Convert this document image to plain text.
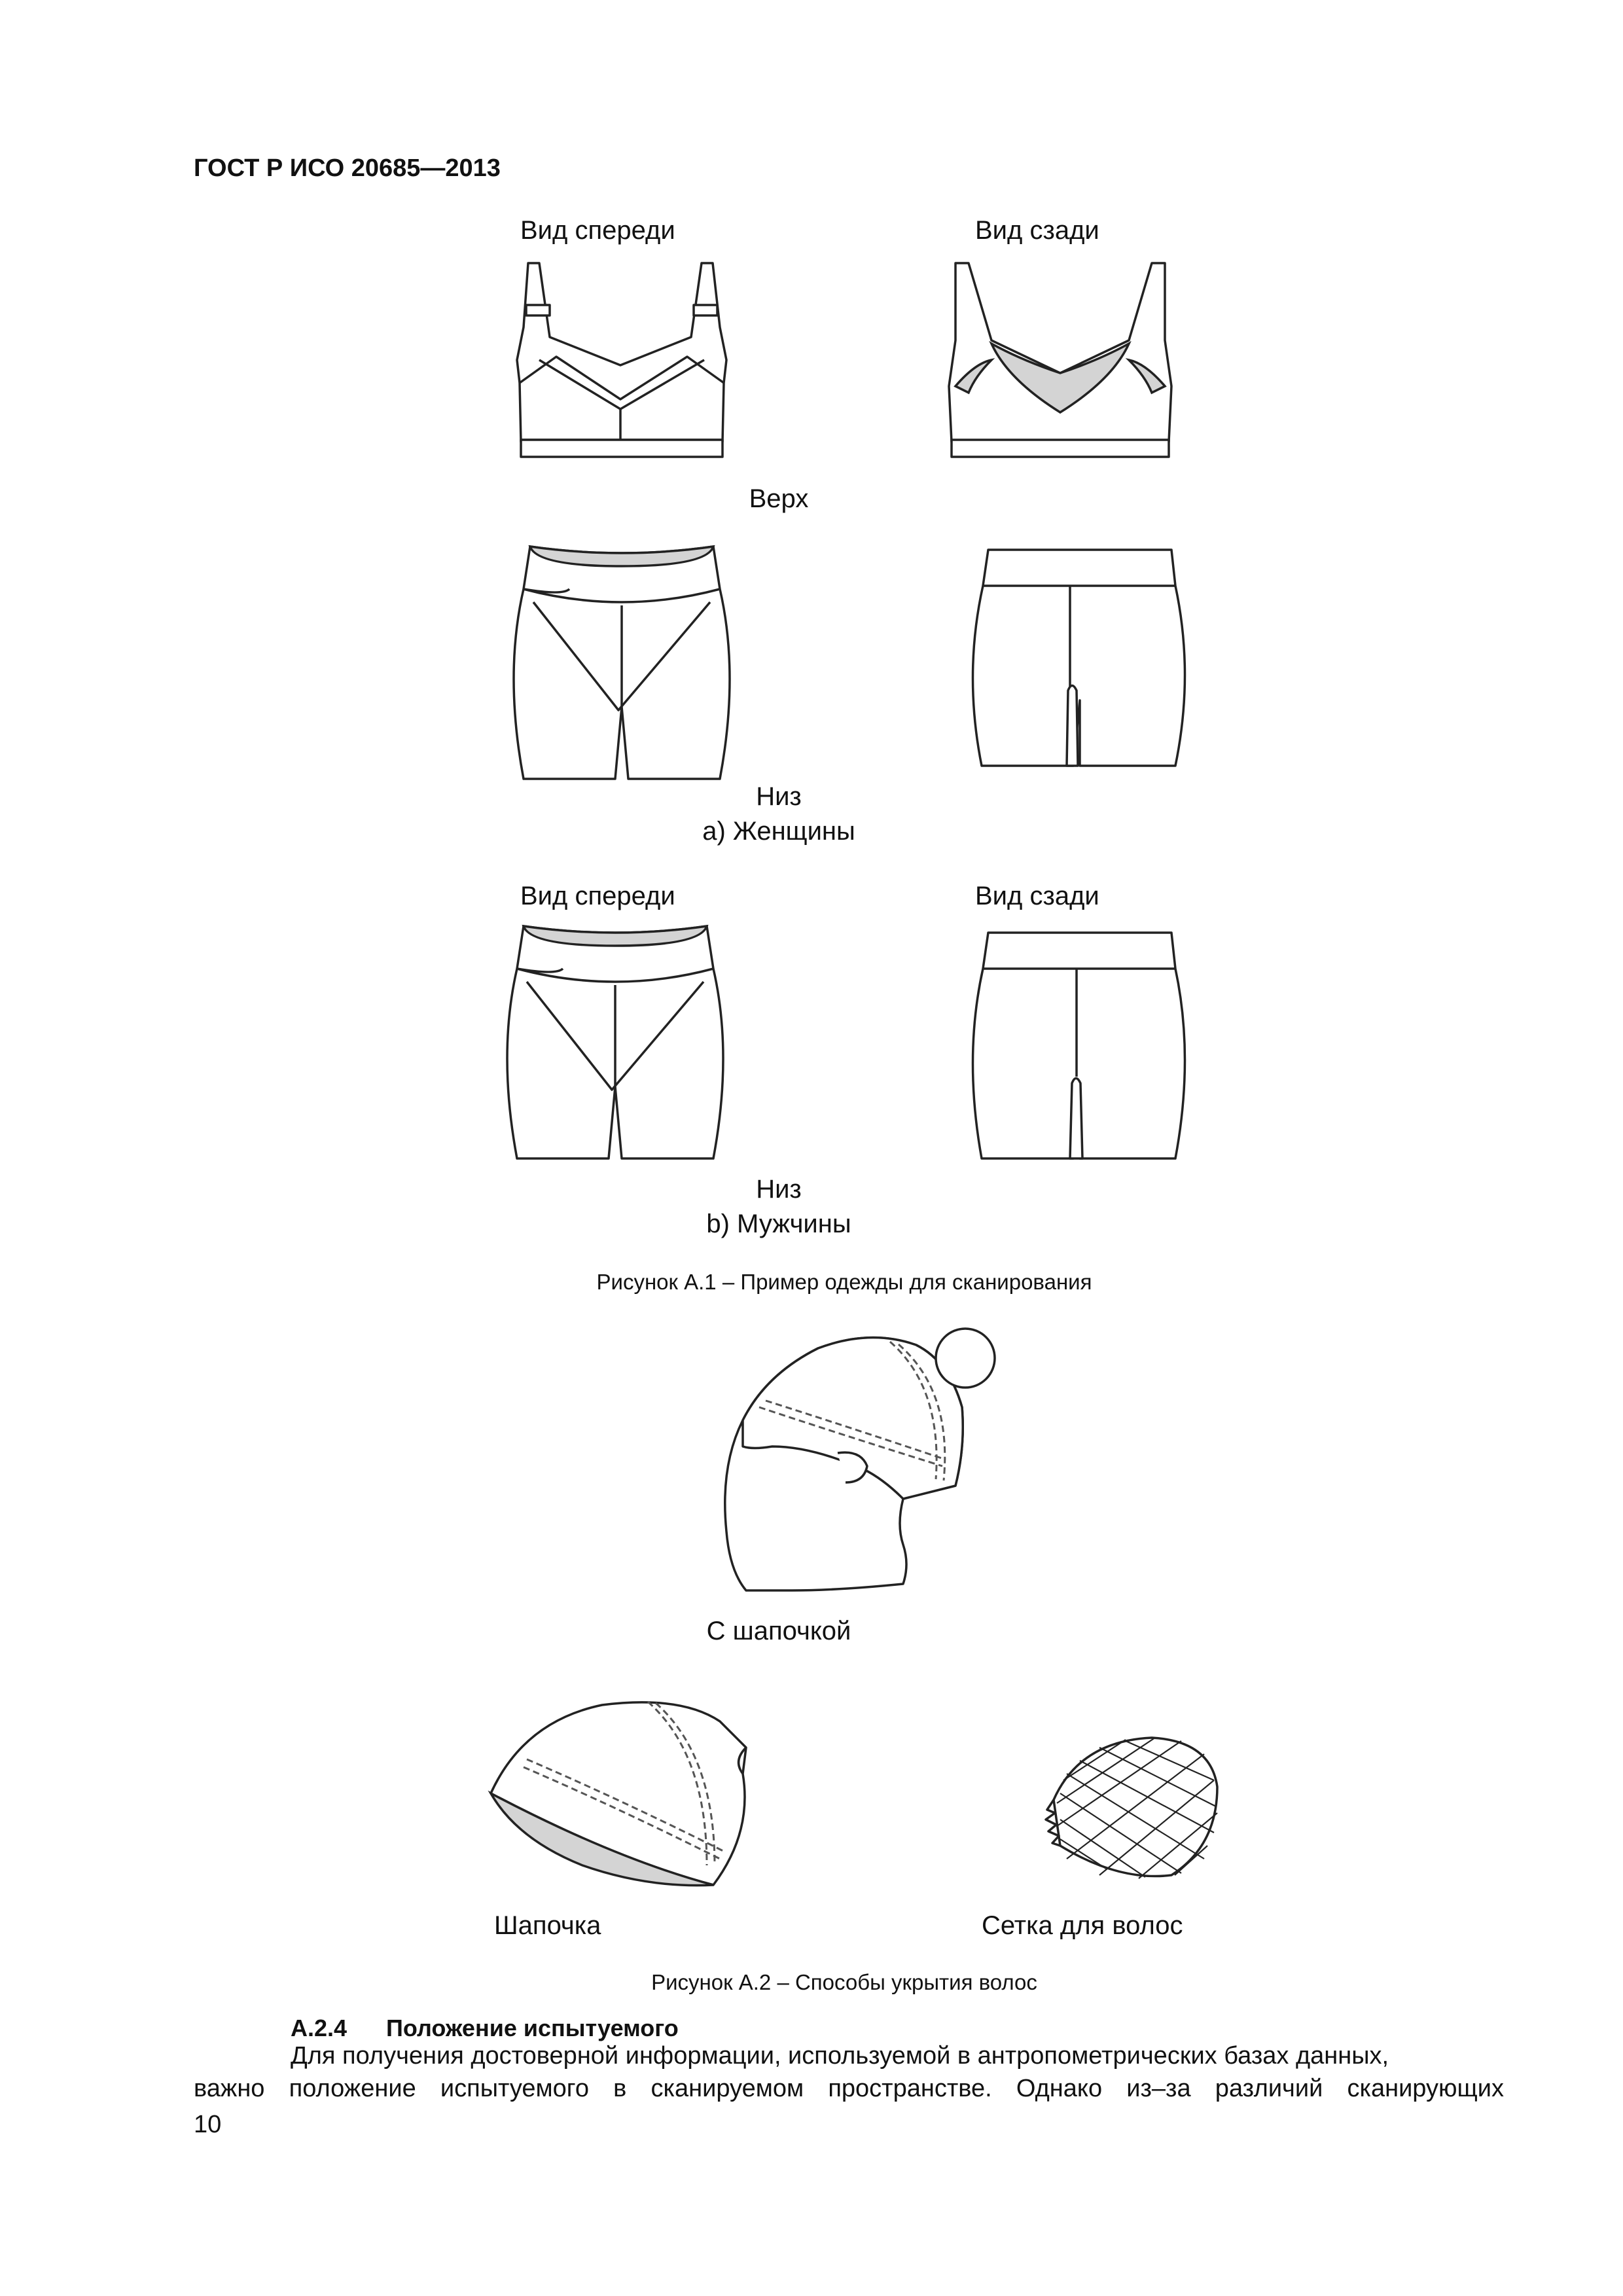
ГОСТ Р ИСО 20685—2013
Вид спереди	Вид сзади
Верх
Низ
a) Женщины
Вид спереди	Вид сзади
Низ
b) Мужчины
Рисунок А.1 – Пример одежды для сканирования
С шапочкой
Шапочка	Сетка для волос
Рисунок А.2 – Способы укрытия волос
А.2.4 Положение испытуемого
Для получения достоверной информации, используемой в антропометрических базах данных,
важно положение испытуемого в сканируемом пространстве. Однако из–за различий сканирующих
10
